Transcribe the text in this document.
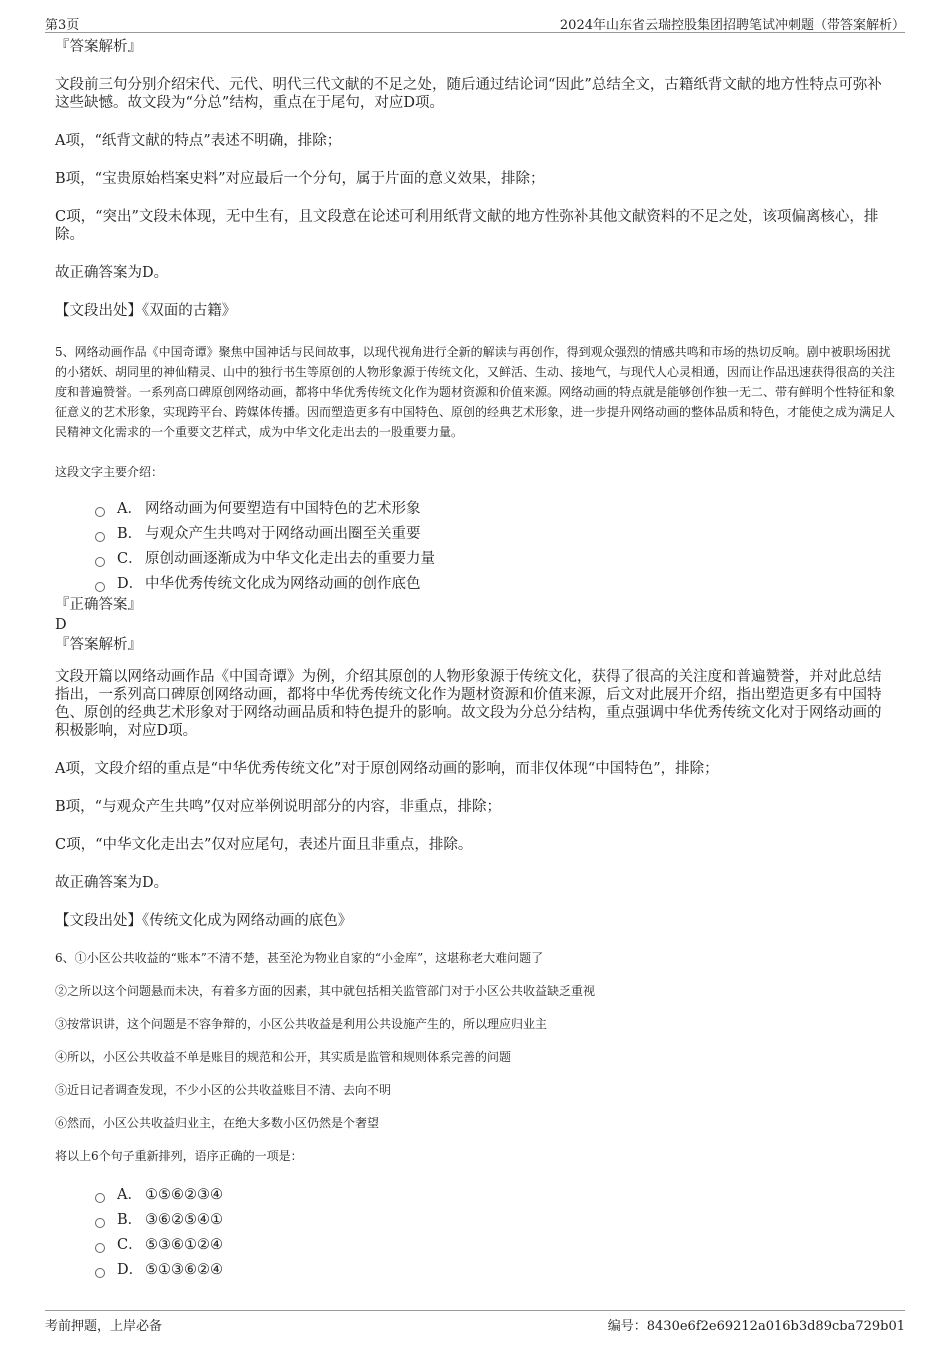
第3页	2024年山东省云瑞控股集团招聘笔试冲刺题（带答案解析）

『答案解析』

文段前三句分别介绍宋代、元代、明代三代文献的不足之处，随后通过结论词“因此”总结全文，古籍纸背文献的地方性特点可弥补这些缺憾。故文段为“分总”结构，重点在于尾句，对应D项。

A项，“纸背文献的特点”表述不明确，排除；

B项，“宝贵原始档案史料”对应最后一个分句，属于片面的意义效果，排除；

C项，“突出”文段未体现，无中生有，且文段意在论述可利用纸背文献的地方性弥补其他文献资料的不足之处，该项偏离核心，排除。

故正确答案为D。

【文段出处】《双面的古籍》

5、网络动画作品《中国奇谭》聚焦中国神话与民间故事，以现代视角进行全新的解读与再创作，得到观众强烈的情感共鸣和市场的热切反响。剧中被职场困扰的小猪妖、胡同里的神仙精灵、山中的独行书生等原创的人物形象源于传统文化，又鲜活、生动、接地气，与现代人心灵相通，因而让作品迅速获得很高的关注度和普遍赞誉。一系列高口碑原创网络动画，都将中华优秀传统文化作为题材资源和价值来源。网络动画的特点就是能够创作独一无二、带有鲜明个性特征和象征意义的艺术形象，实现跨平台、跨媒体传播。因而塑造更多有中国特色、原创的经典艺术形象，进一步提升网络动画的整体品质和特色，才能使之成为满足人民精神文化需求的一个重要文艺样式，成为中华文化走出去的一股重要力量。

这段文字主要介绍：

A． 网络动画为何要塑造有中国特色的艺术形象
B． 与观众产生共鸣对于网络动画出圈至关重要
C． 原创动画逐渐成为中华文化走出去的重要力量
D． 中华优秀传统文化成为网络动画的创作底色

『正确答案』

D

『答案解析』

文段开篇以网络动画作品《中国奇谭》为例，介绍其原创的人物形象源于传统文化，获得了很高的关注度和普遍赞誉，并对此总结指出，一系列高口碑原创网络动画，都将中华优秀传统文化作为题材资源和价值来源，后文对此展开介绍，指出塑造更多有中国特色、原创的经典艺术形象对于网络动画品质和特色提升的影响。故文段为分总分结构，重点强调中华优秀传统文化对于网络动画的积极影响，对应D项。

A项，文段介绍的重点是“中华优秀传统文化”对于原创网络动画的影响，而非仅体现“中国特色”，排除；

B项，“与观众产生共鸣”仅对应举例说明部分的内容，非重点，排除；

C项，“中华文化走出去”仅对应尾句，表述片面且非重点，排除。

故正确答案为D。

【文段出处】《传统文化成为网络动画的底色》

6、①小区公共收益的“账本”不清不楚，甚至沦为物业自家的“小金库”，这堪称老大难问题了

②之所以这个问题悬而未决，有着多方面的因素，其中就包括相关监管部门对于小区公共收益缺乏重视

③按常识讲，这个问题是不容争辩的，小区公共收益是利用公共设施产生的，所以理应归业主

④所以，小区公共收益不单是账目的规范和公开，其实质是监管和规则体系完善的问题

⑤近日记者调查发现，不少小区的公共收益账目不清、去向不明

⑥然而，小区公共收益归业主，在绝大多数小区仍然是个奢望

将以上6个句子重新排列，语序正确的一项是：

A． ①⑤⑥②③④
B． ③⑥②⑤④①
C． ⑤③⑥①②④
D． ⑤①③⑥②④
考前押题，上岸必备	编号：8430e6f2e69212a016b3d89cba729b01
